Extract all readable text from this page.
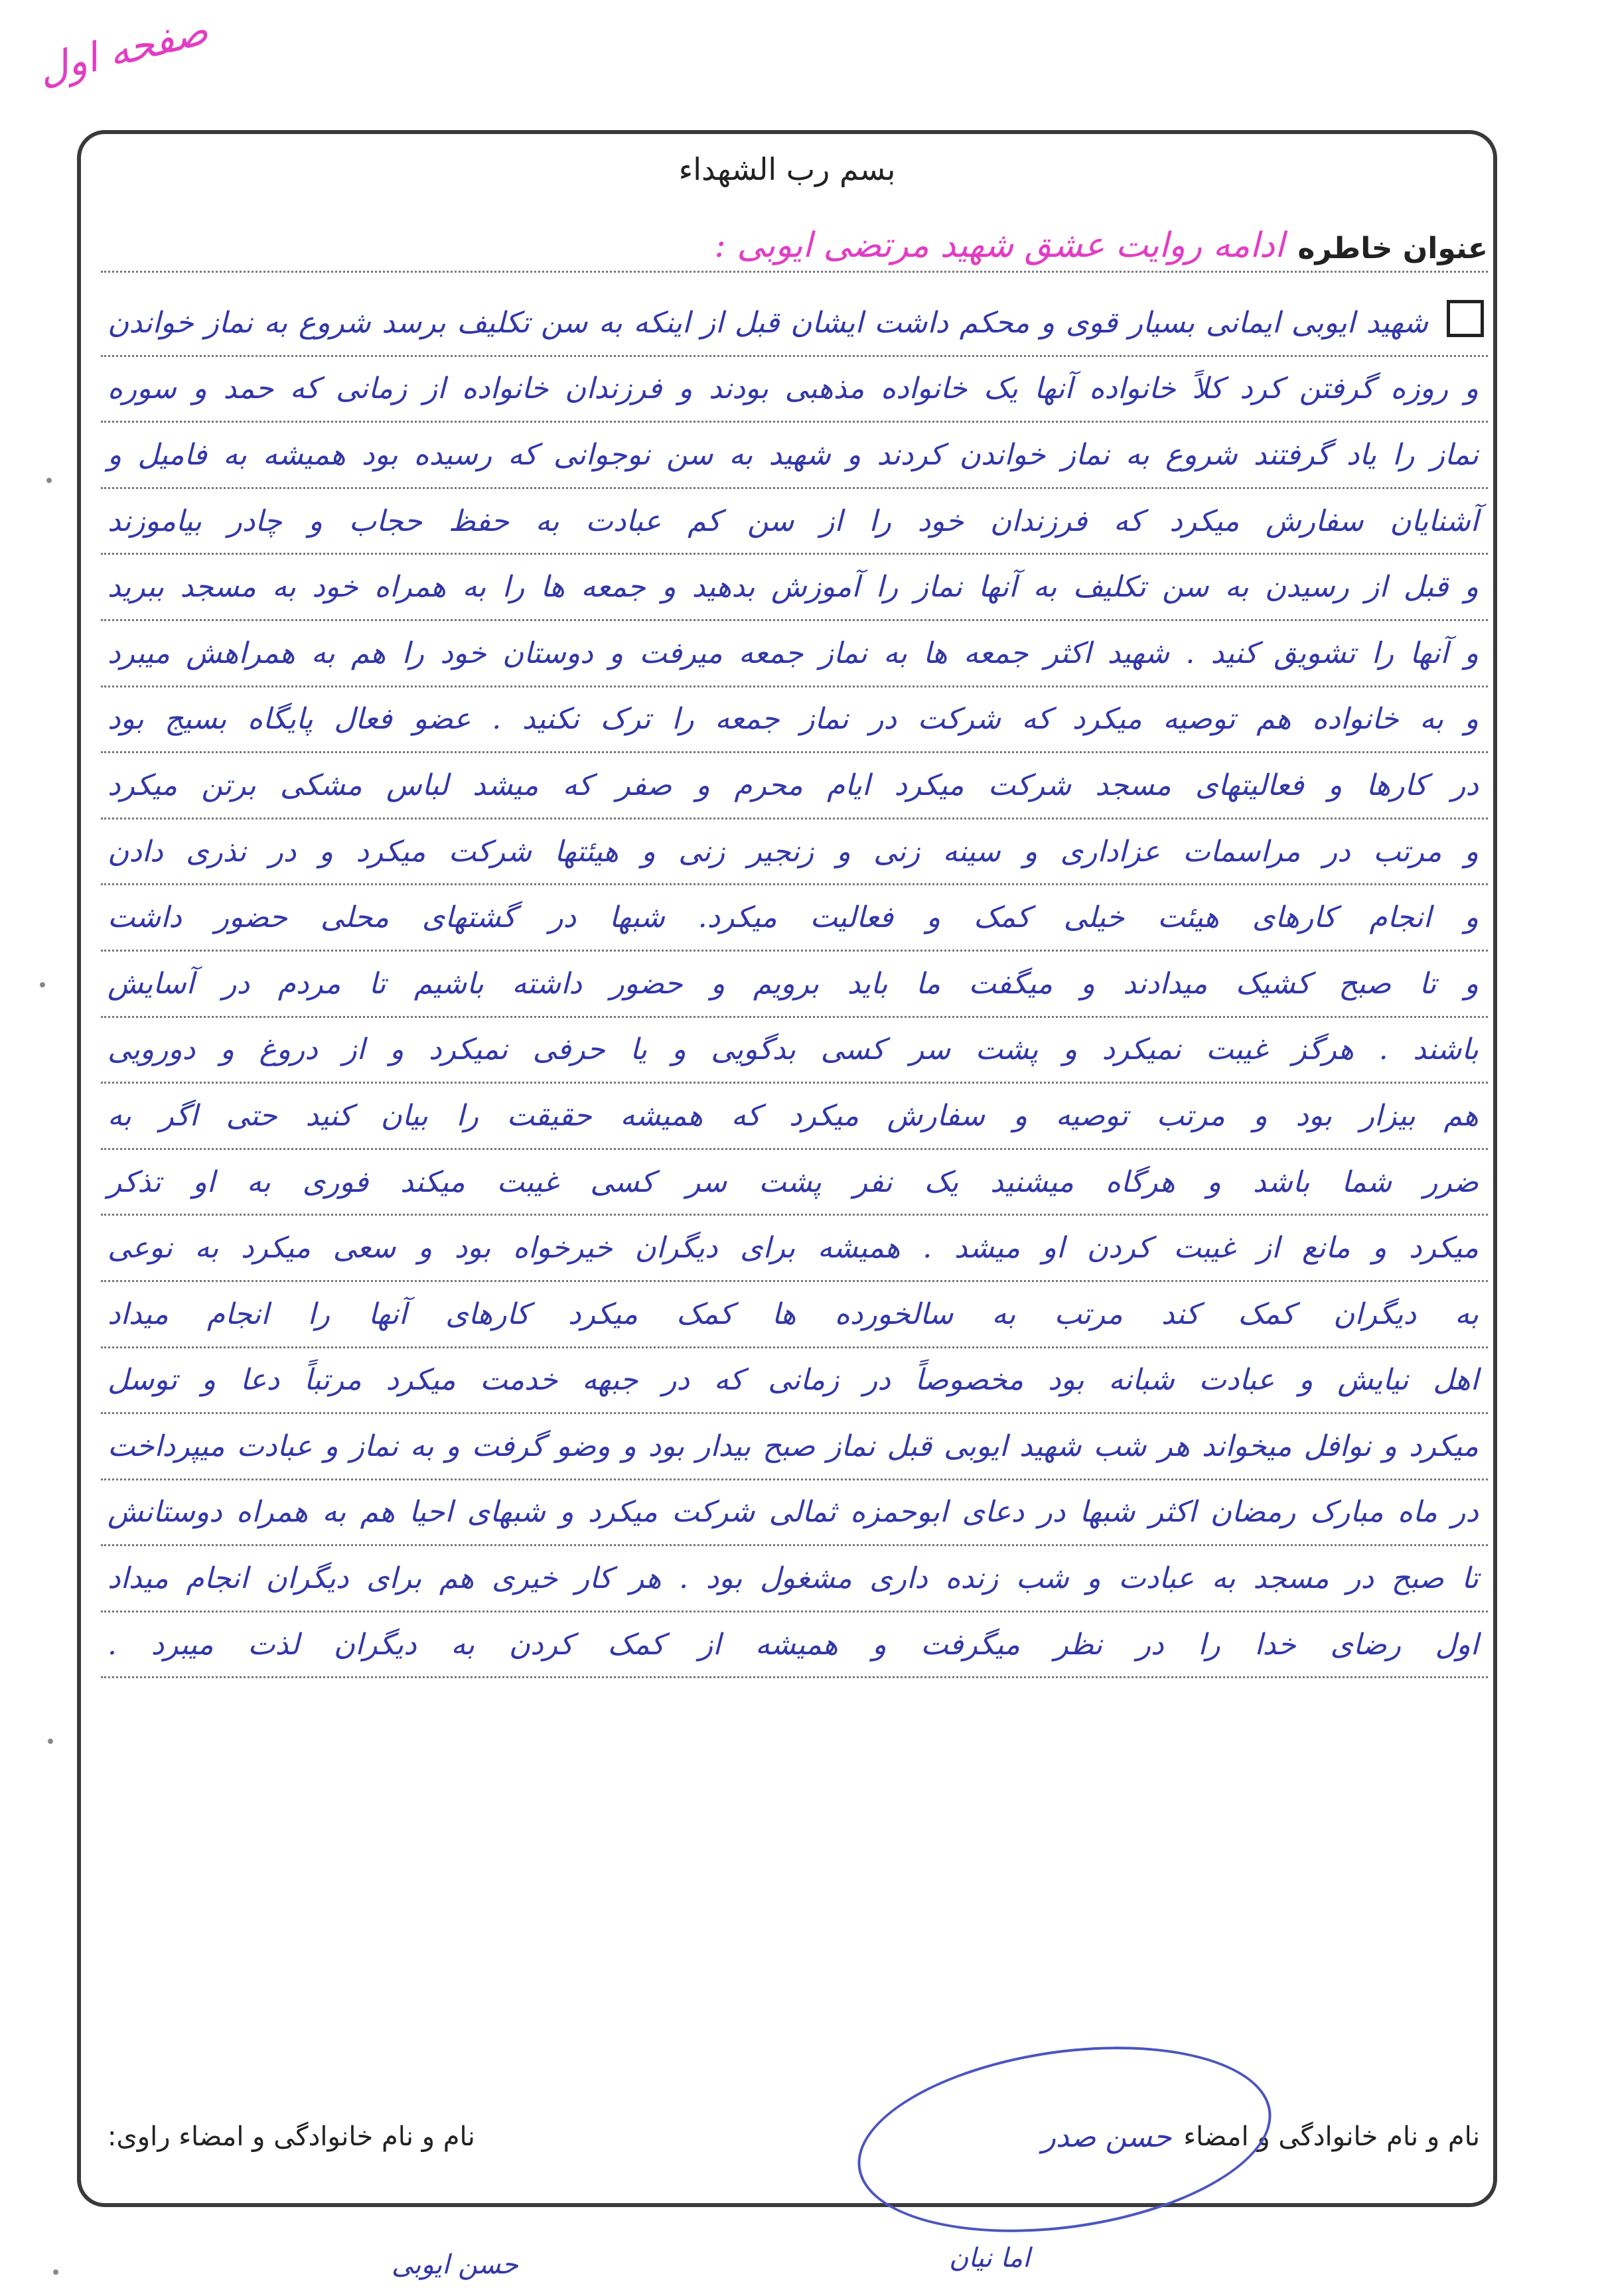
صفحه اول
بسم رب الشهداء
عنوان خاطره
ادامه روایت عشق شهید مرتضی ایوبی :
شهید ایوبی ایمانی بسیار قوی و محکم داشت ایشان قبل از اینکه به سن تکلیف برسد شروع به نماز خواندن
و روزه گرفتن کرد کلاً خانواده آنها یک خانواده مذهبی بودند و فرزندان خانواده از زمانی که حمد و سوره
نماز را یاد گرفتند شروع به نماز خواندن کردند و شهید به سن نوجوانی که رسیده بود همیشه به فامیل و
آشنایان سفارش میکرد که فرزندان خود را از سن کم عبادت به حفظ حجاب و چادر بیاموزند
و قبل از رسیدن به سن تکلیف به آنها نماز را آموزش بدهید و جمعه ها را به همراه خود به مسجد ببرید
و آنها را تشویق کنید . شهید اکثر جمعه ها به نماز جمعه میرفت و دوستان خود را هم به همراهش میبرد
و به خانواده هم توصیه میکرد که شرکت در نماز جمعه را ترک نکنید . عضو فعال پایگاه بسیج بود
در کارها و فعالیتهای مسجد شرکت میکرد ایام محرم و صفر که میشد لباس مشکی برتن میکرد
و مرتب در مراسمات عزاداری و سینه زنی و زنجیر زنی و هیئتها شرکت میکرد و در نذری دادن
و انجام کارهای هیئت خیلی کمک و فعالیت میکرد. شبها در گشتهای محلی حضور داشت
و تا صبح کشیک میدادند و میگفت ما باید برویم و حضور داشته باشیم تا مردم در آسایش
باشند . هرگز غیبت نمیکرد و پشت سر کسی بدگویی و یا حرفی نمیکرد و از دروغ و دورویی
هم بیزار بود و مرتب توصیه و سفارش میکرد که همیشه حقیقت را بیان کنید حتی اگر به
ضرر شما باشد و هرگاه میشنید یک نفر پشت سر کسی غیبت میکند فوری به او تذکر
میکرد و مانع از غیبت کردن او میشد . همیشه برای دیگران خیرخواه بود و سعی میکرد به نوعی
به دیگران کمک کند مرتب به سالخورده ها کمک میکرد کارهای آنها را انجام میداد
اهل نیایش و عبادت شبانه بود مخصوصاً در زمانی که در جبهه خدمت میکرد مرتباً دعا و توسل
میکرد و نوافل میخواند هر شب شهید ایوبی قبل نماز صبح بیدار بود و وضو گرفت و به نماز و عبادت میپرداخت
در ماه مبارک رمضان اکثر شبها در دعای ابوحمزه ثمالی شرکت میکرد و شبهای احیا هم به همراه دوستانش
تا صبح در مسجد به عبادت و شب زنده داری مشغول بود . هر کار خیری هم برای دیگران انجام میداد
اول رضای خدا را در نظر میگرفت و همیشه از کمک کردن به دیگران لذت میبرد .
نام و نام خانوادگی و امضاء
حسن صدر
نام و نام خانوادگی و امضاء راوی:
حسن ایوبی	اما نیان
